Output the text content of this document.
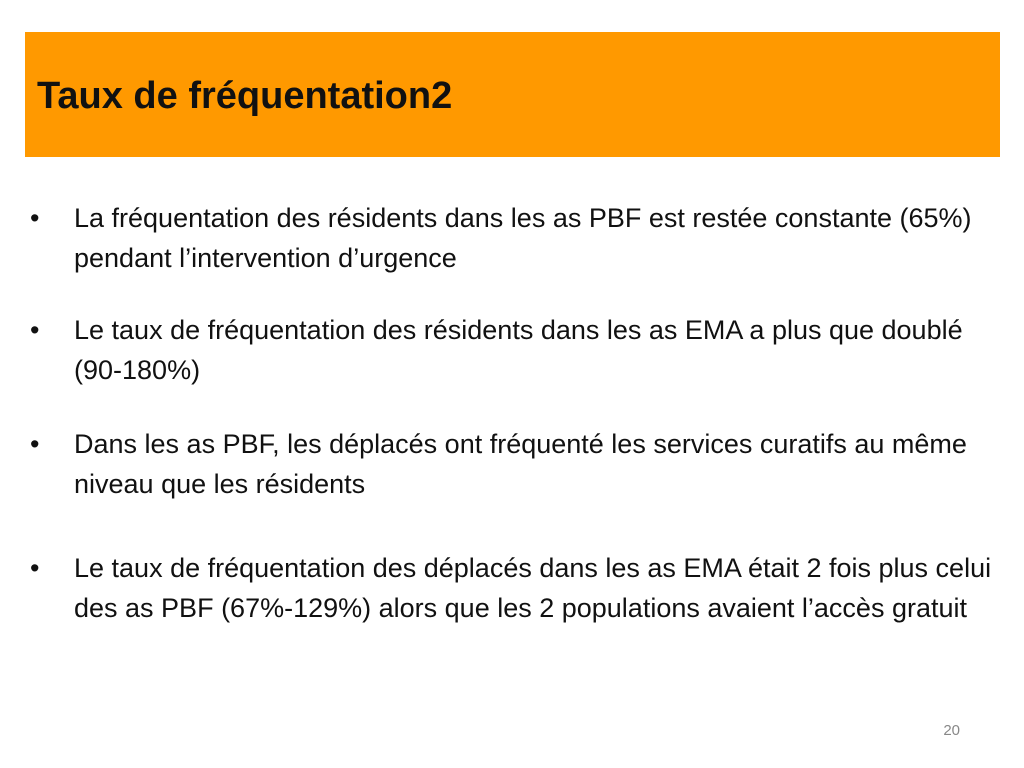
Taux de fréquentation2
•	La fréquentation des résidents dans les as PBF est restée constante (65%) pendant l’intervention d’urgence
•	Le taux de fréquentation des résidents dans les as EMA a plus que doublé (90-180%)
•	Dans les as PBF, les déplacés ont fréquenté les services curatifs au même niveau que les résidents
•	Le taux de fréquentation des déplacés dans les as EMA était 2 fois plus celui des as PBF (67%-129%) alors que les 2 populations avaient l’accès gratuit
20
